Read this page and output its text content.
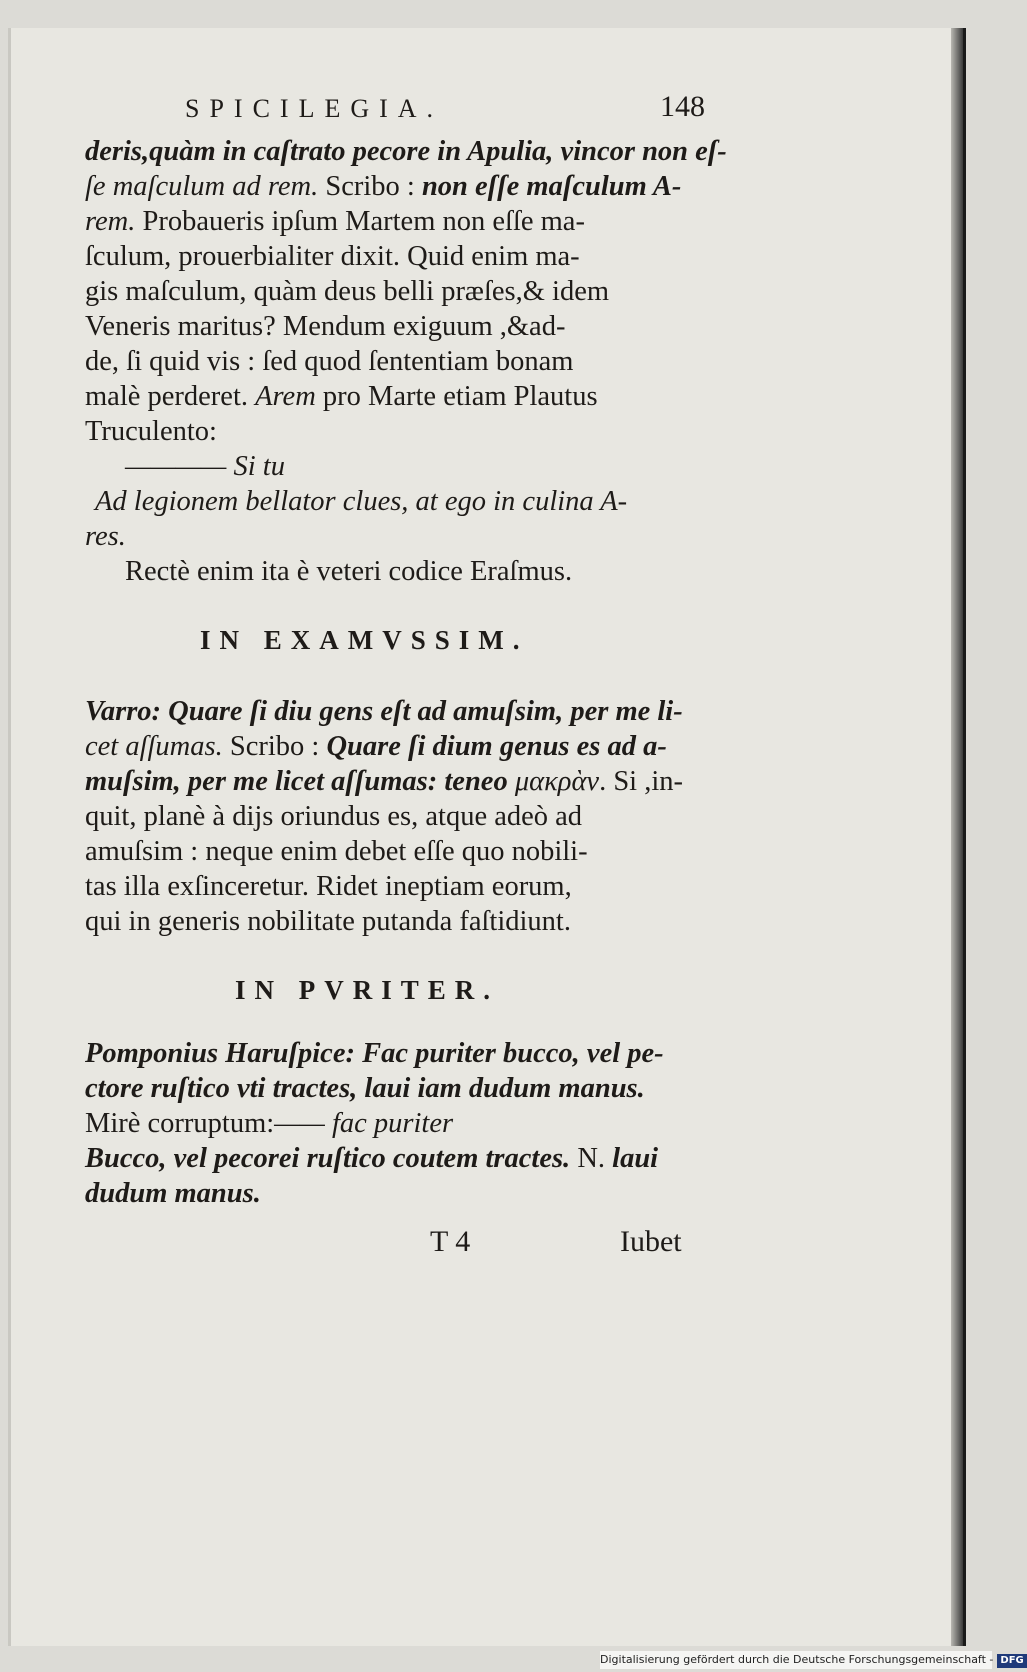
SPICILEGIA.	148

deris,quàm in caſtrato pecore in Apulia, vincor non eſ-

ſe maſculum ad rem. Scribo : non eſſe maſculum A-

rem. Probaueris ipſum Martem non eſſe ma-

ſculum, prouerbialiter dixit. Quid enim ma-

gis maſculum, quàm deus belli præſes,& idem

Veneris maritus? Mendum exiguum ,&ad-

de, ſi quid vis : ſed quod ſententiam bonam

malè perderet. Arem pro Marte etiam Plautus

Truculento:

———— Si tu

Ad legionem bellator clues, at ego in culina A-

res.

Rectè enim ita è veteri codice Eraſmus.

IN EXAMVSSIM.

Varro: Quare ſi diu gens eſt ad amuſsim, per me li-

cet aſſumas. Scribo : Quare ſi dium genus es ad a-

muſsim, per me licet aſſumas: teneo μακρὰν. Si ,in-

quit, planè à dijs oriundus es, atque adeò ad

amuſsim : neque enim debet eſſe quo nobili-

tas illa exſinceretur. Ridet ineptiam eorum,

qui in generis nobilitate putanda faſtidiunt.

IN PVRITER.

Pomponius Haruſpice: Fac puriter bucco, vel pe-

ctore ruſtico vti tractes, laui iam dudum manus.

Mirè corruptum:—— fac puriter

Bucco, vel pecorei ruſtico coutem tractes. N. laui

dudum manus.

T 4	Iubet
Digitalisierung gefördert durch die Deutsche Forschungsgemeinschaft - DFG
